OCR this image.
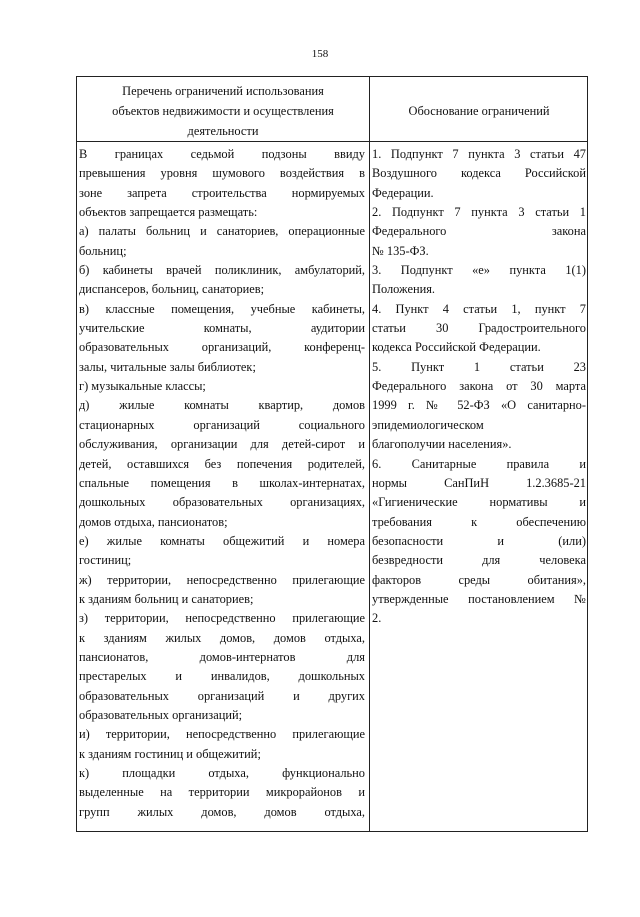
158
Перечень ограничений использования
объектов недвижимости и осуществления
деятельности
Обоснование ограничений
В границах седьмой подзоны ввиду
превышения уровня шумового воздействия в
зоне запрета строительства нормируемых
объектов запрещается размещать:
а) палаты больниц и санаториев, операционные
больниц;
б) кабинеты врачей поликлиник, амбулаторий,
диспансеров, больниц, санаториев;
в) классные помещения, учебные кабинеты,
учительские комнаты, аудитории
образовательных организаций, конференц-
залы, читальные залы библиотек;
г) музыкальные классы;
д) жилые комнаты квартир, домов
стационарных организаций социального
обслуживания, организации для детей-сирот и
детей, оставшихся без попечения родителей,
спальные помещения в школах-интернатах,
дошкольных образовательных организациях,
домов отдыха, пансионатов;
е) жилые комнаты общежитий и номера
гостиниц;
ж) территории, непосредственно прилегающие
к зданиям больниц и санаториев;
з) территории, непосредственно прилегающие
к зданиям жилых домов, домов отдыха,
пансионатов, домов-интернатов для
престарелых и инвалидов, дошкольных
образовательных организаций и других
образовательных организаций;
и) территории, непосредственно прилегающие
к зданиям гостиниц и общежитий;
к) площадки отдыха, функционально
выделенные на территории микрорайонов и
групп жилых домов, домов отдыха,
1. Подпункт 7 пункта 3 статьи 47
Воздушного кодекса Российской
Федерации.
2. Подпункт 7 пункта 3 статьи 1
Федерального закона
№ 135-ФЗ.
3. Подпункт «е» пункта 1(1)
Положения.
4. Пункт 4 статьи 1, пункт 7
статьи 30 Градостроительного
кодекса Российской Федерации.
5. Пункт 1 статьи 23
Федерального закона от 30 марта
1999 г. № 52-ФЗ «О санитарно-
эпидемиологическом
благополучии населения».
6. Санитарные правила и
нормы СанПиН 1.2.3685-21
«Гигиенические нормативы и
требования к обеспечению
безопасности и (или)
безвредности для человека
факторов среды обитания»,
утвержденные постановлением №
2.
